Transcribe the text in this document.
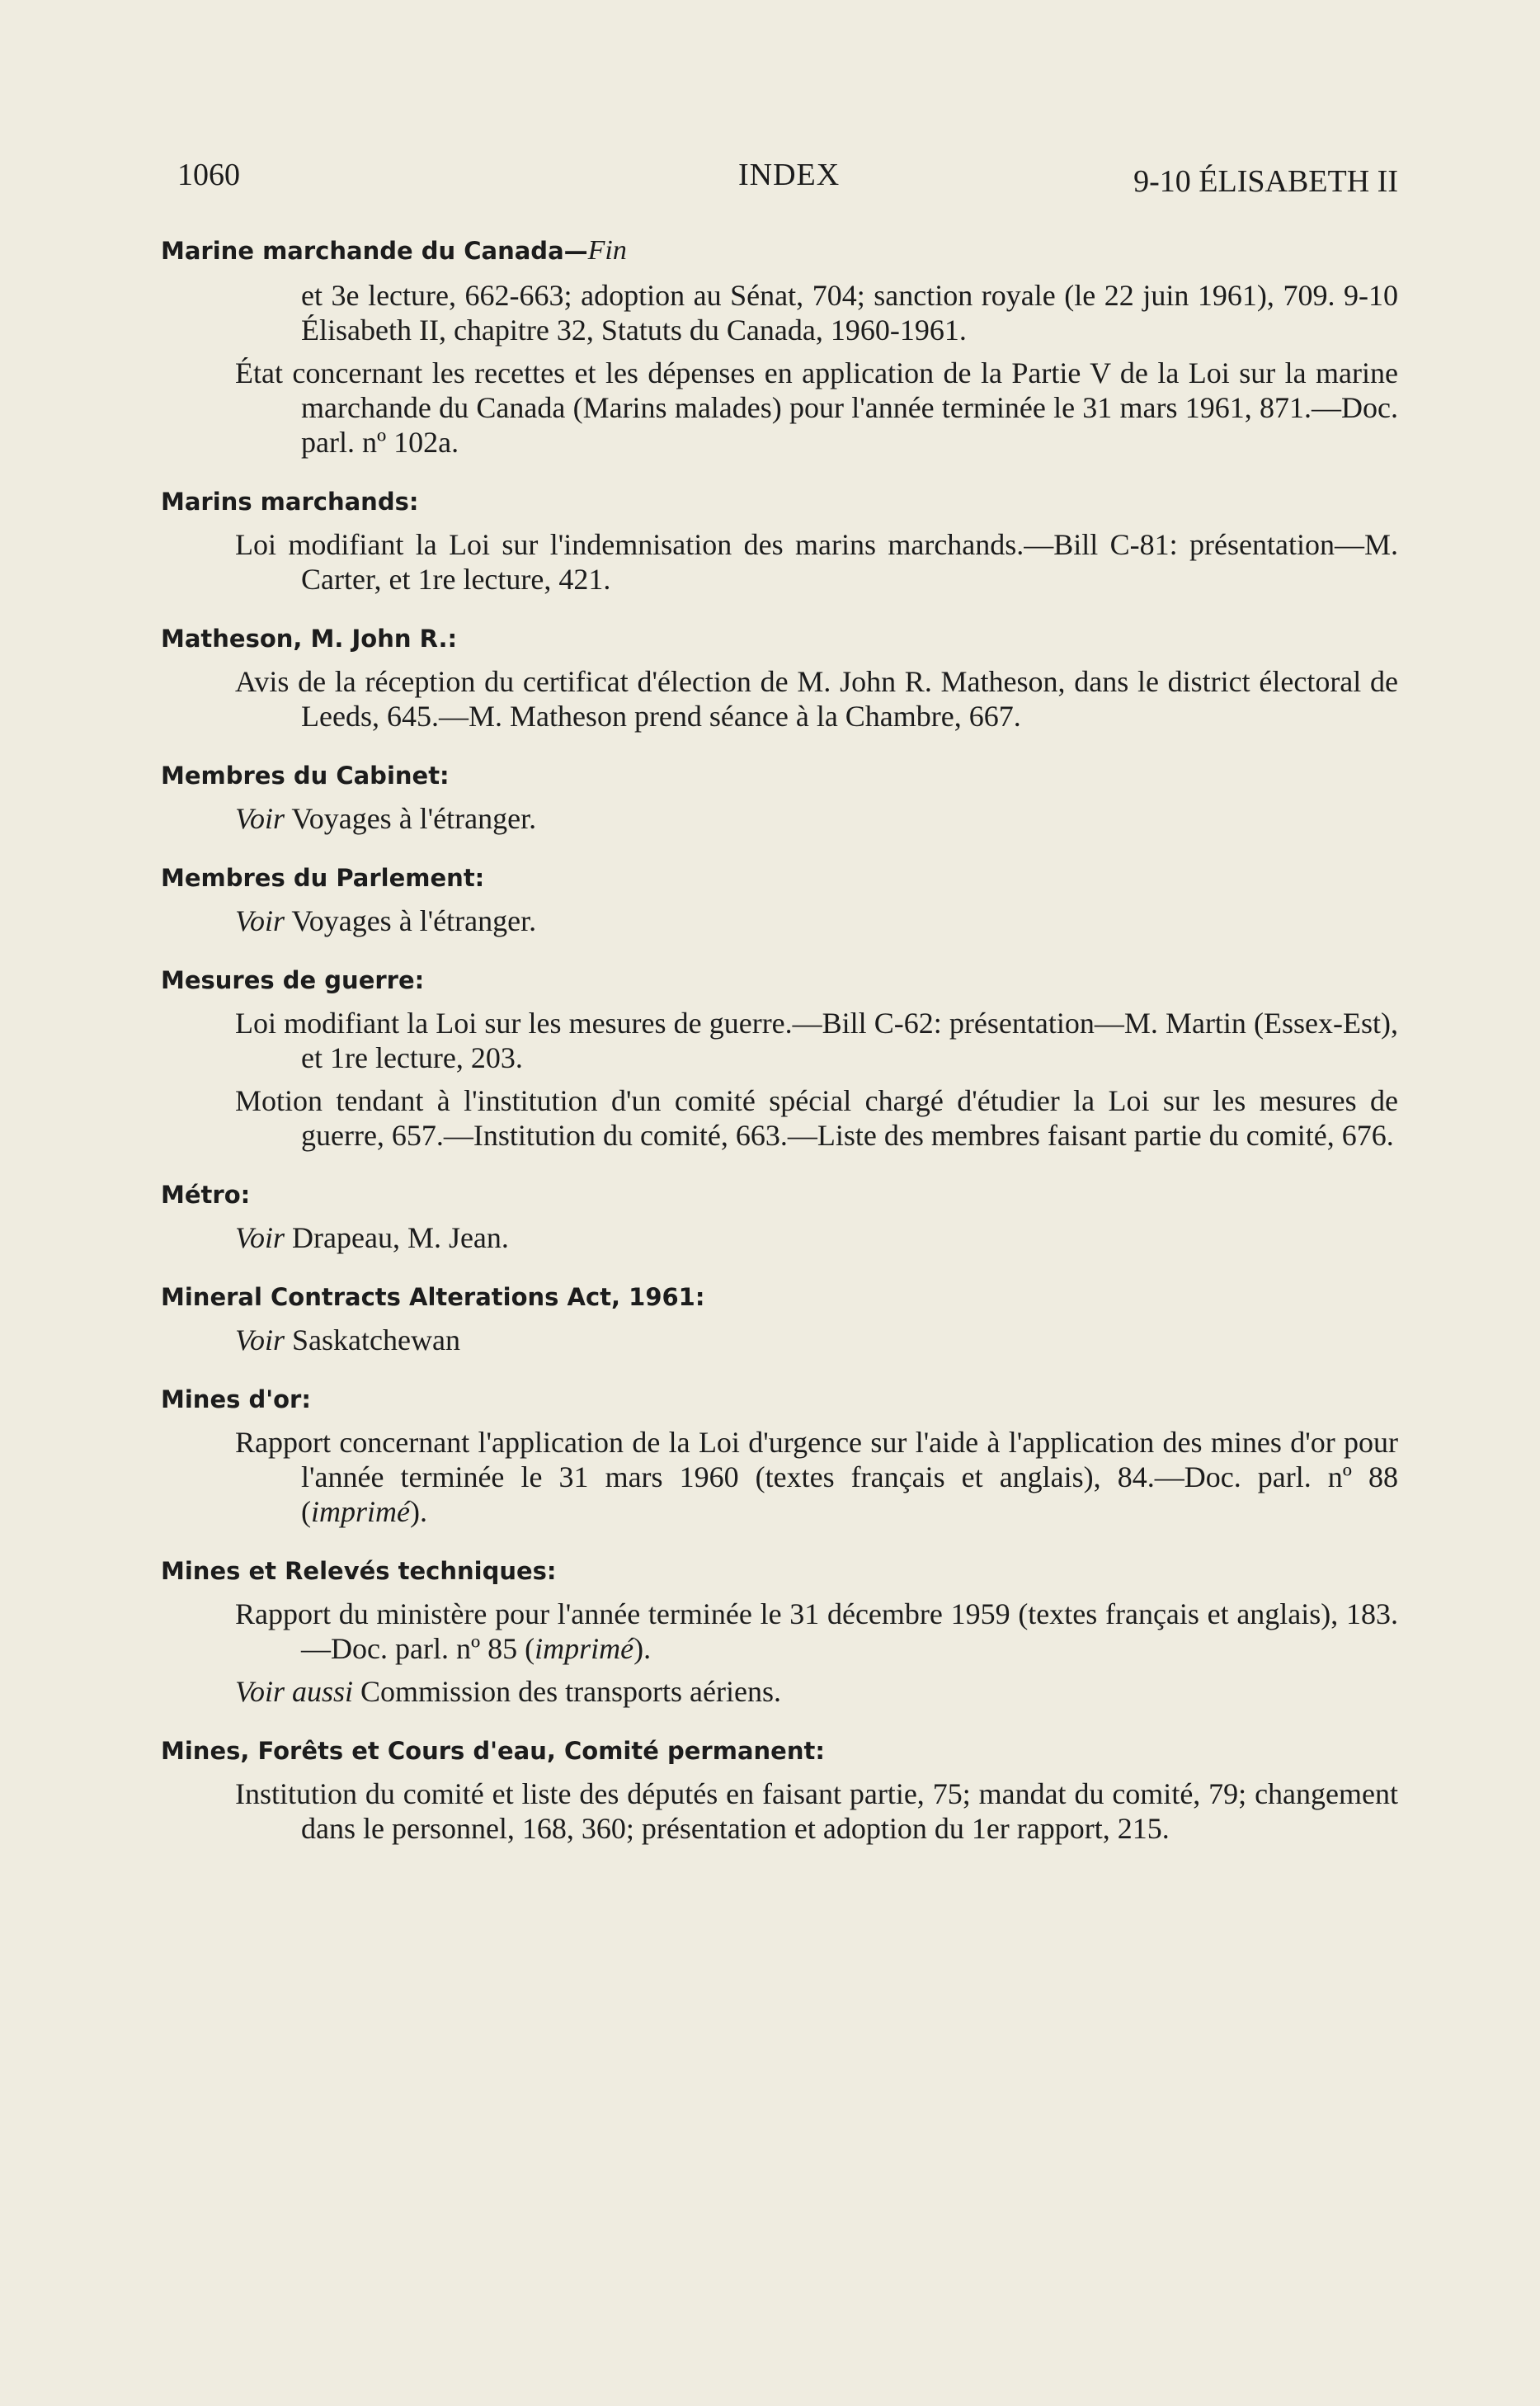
1060	INDEX	9-10 ÉLISABETH II
Marine marchande du Canada—Fin

et 3e lecture, 662-663; adoption au Sénat, 704; sanction royale (le 22 juin 1961), 709. 9-10 Élisabeth II, chapitre 32, Statuts du Canada, 1960-1961.

État concernant les recettes et les dépenses en application de la Partie V de la Loi sur la marine marchande du Canada (Marins malades) pour l'année terminée le 31 mars 1961, 871.—Doc. parl. nº 102a.

Marins marchands:

Loi modifiant la Loi sur l'indemnisation des marins marchands.—Bill C-81: présentation—M. Carter, et 1re lecture, 421.

Matheson, M. John R.:

Avis de la réception du certificat d'élection de M. John R. Matheson, dans le district électoral de Leeds, 645.—M. Matheson prend séance à la Chambre, 667.

Membres du Cabinet:

Voir Voyages à l'étranger.

Membres du Parlement:

Voir Voyages à l'étranger.

Mesures de guerre:

Loi modifiant la Loi sur les mesures de guerre.—Bill C-62: présentation—M. Martin (Essex-Est), et 1re lecture, 203.

Motion tendant à l'institution d'un comité spécial chargé d'étudier la Loi sur les mesures de guerre, 657.—Institution du comité, 663.—Liste des membres faisant partie du comité, 676.

Métro:

Voir Drapeau, M. Jean.

Mineral Contracts Alterations Act, 1961:

Voir Saskatchewan

Mines d'or:

Rapport concernant l'application de la Loi d'urgence sur l'aide à l'application des mines d'or pour l'année terminée le 31 mars 1960 (textes français et anglais), 84.—Doc. parl. nº 88 (imprimé).

Mines et Relevés techniques:

Rapport du ministère pour l'année terminée le 31 décembre 1959 (textes français et anglais), 183.—Doc. parl. nº 85 (imprimé).

Voir aussi Commission des transports aériens.

Mines, Forêts et Cours d'eau, Comité permanent:

Institution du comité et liste des députés en faisant partie, 75; mandat du comité, 79; changement dans le personnel, 168, 360; présentation et adoption du 1er rapport, 215.
